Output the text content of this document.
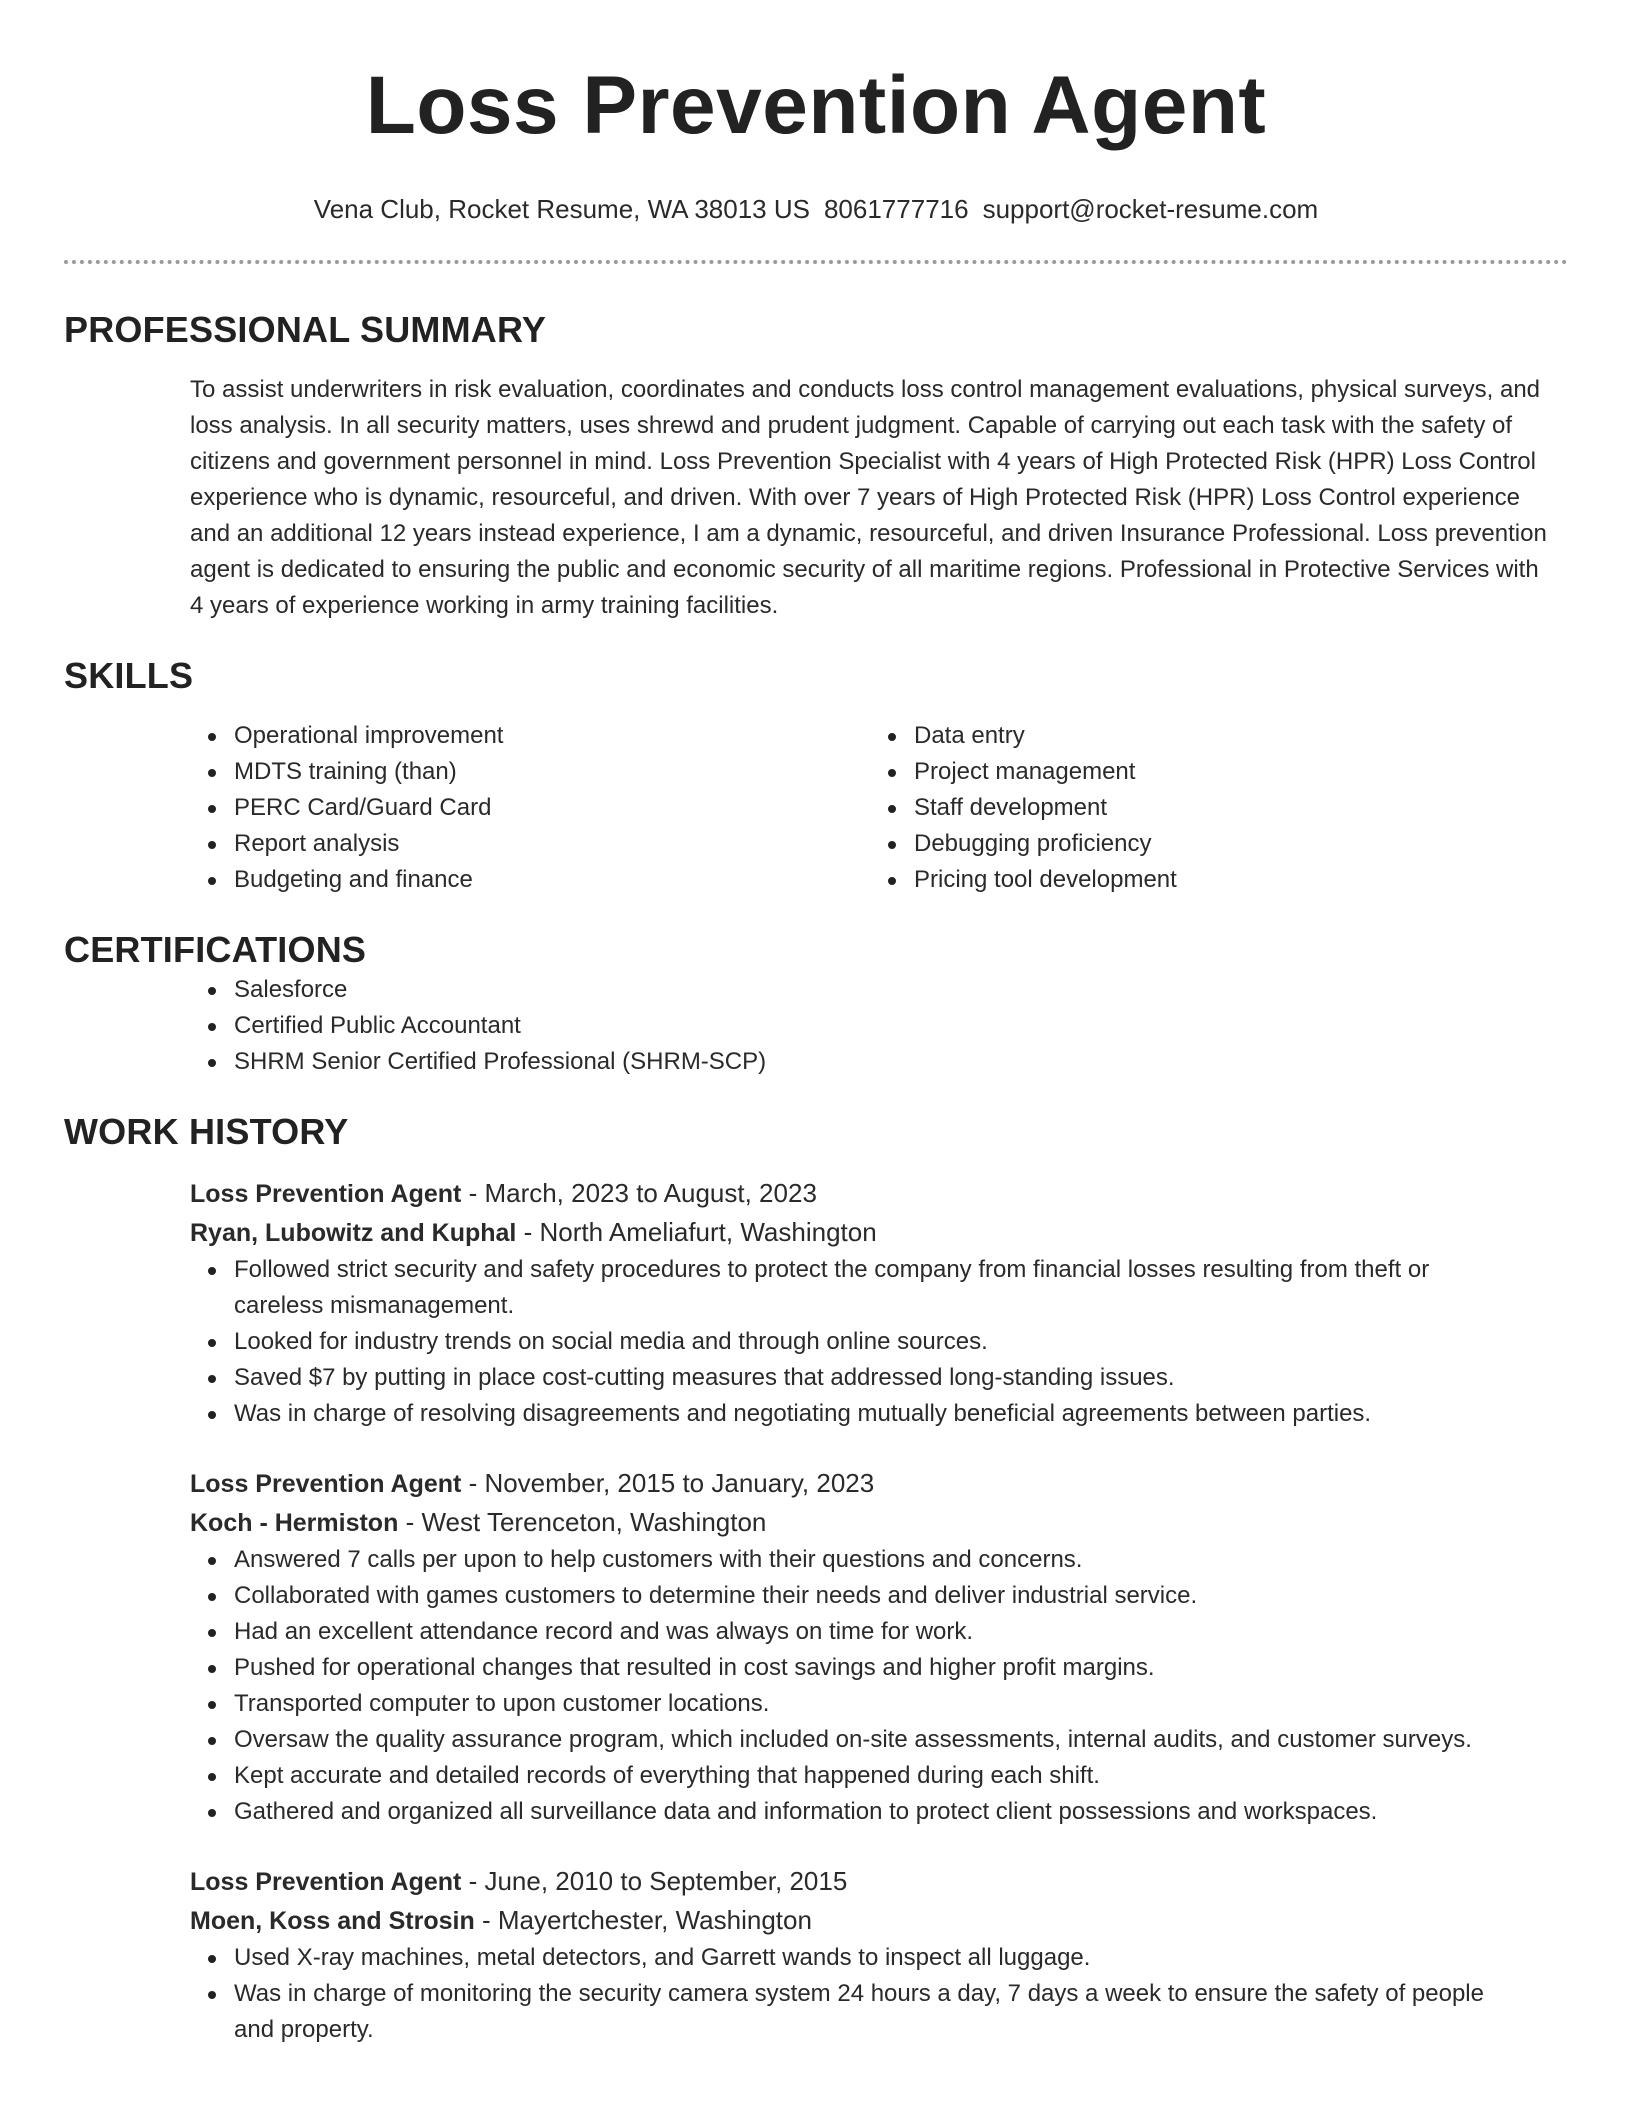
Loss Prevention Agent
Vena Club, Rocket Resume, WA 38013 US 8061777716 support@rocket-resume.com
PROFESSIONAL SUMMARY

To assist underwriters in risk evaluation, coordinates and conducts loss control management evaluations, physical surveys, and loss analysis. In all security matters, uses shrewd and prudent judgment. Capable of carrying out each task with the safety of citizens and government personnel in mind. Loss Prevention Specialist with 4 years of High Protected Risk (HPR) Loss Control experience who is dynamic, resourceful, and driven. With over 7 years of High Protected Risk (HPR) Loss Control experience and an additional 12 years instead experience, I am a dynamic, resourceful, and driven Insurance Professional. Loss prevention agent is dedicated to ensuring the public and economic security of all maritime regions. Professional in Protective Services with 4 years of experience working in army training facilities.

SKILLS
Operational improvement
MDTS training (than)
PERC Card/Guard Card
Report analysis
Budgeting and finance
Data entry
Project management
Staff development
Debugging proficiency
Pricing tool development
CERTIFICATIONS
Salesforce
Certified Public Accountant
SHRM Senior Certified Professional (SHRM-SCP)
WORK HISTORY
Loss Prevention Agent - March, 2023 to August, 2023
Ryan, Lubowitz and Kuphal - North Ameliafurt, Washington
Followed strict security and safety procedures to protect the company from financial losses resulting from theft or careless mismanagement.
Looked for industry trends on social media and through online sources.
Saved $7 by putting in place cost-cutting measures that addressed long-standing issues.
Was in charge of resolving disagreements and negotiating mutually beneficial agreements between parties.
Loss Prevention Agent - November, 2015 to January, 2023
Koch - Hermiston - West Terenceton, Washington
Answered 7 calls per upon to help customers with their questions and concerns.
Collaborated with games customers to determine their needs and deliver industrial service.
Had an excellent attendance record and was always on time for work.
Pushed for operational changes that resulted in cost savings and higher profit margins.
Transported computer to upon customer locations.
Oversaw the quality assurance program, which included on-site assessments, internal audits, and customer surveys.
Kept accurate and detailed records of everything that happened during each shift.
Gathered and organized all surveillance data and information to protect client possessions and workspaces.
Loss Prevention Agent - June, 2010 to September, 2015
Moen, Koss and Strosin - Mayertchester, Washington
Used X-ray machines, metal detectors, and Garrett wands to inspect all luggage.
Was in charge of monitoring the security camera system 24 hours a day, 7 days a week to ensure the safety of people and property.
